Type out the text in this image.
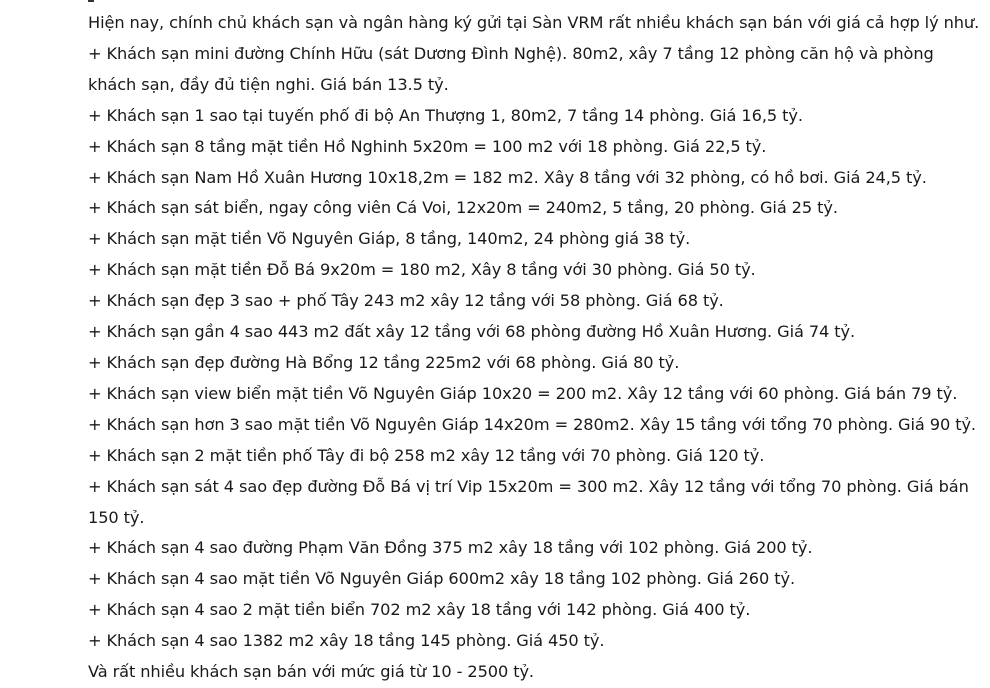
Hiện nay, chính chủ khách sạn và ngân hàng ký gửi tại Sàn VRM rất nhiều khách sạn bán với giá cả hợp lý như.

+ Khách sạn mini đường Chính Hữu (sát Dương Đình Nghệ). 80m2, xây 7 tầng 12 phòng căn hộ và phòng khách sạn, đầy đủ tiện nghi. Giá bán 13.5 tỷ.

+ Khách sạn 1 sao tại tuyến phố đi bộ An Thượng 1, 80m2, 7 tầng 14 phòng. Giá 16,5 tỷ.

+ Khách sạn 8 tầng mặt tiền Hồ Nghinh 5x20m = 100 m2 với 18 phòng. Giá 22,5 tỷ.

+ Khách sạn Nam Hồ Xuân Hương 10x18,2m = 182 m2. Xây 8 tầng với 32 phòng, có hồ bơi. Giá 24,5 tỷ.

+ Khách sạn sát biển, ngay công viên Cá Voi, 12x20m = 240m2, 5 tầng, 20 phòng. Giá 25 tỷ.

+ Khách sạn mặt tiền Võ Nguyên Giáp, 8 tầng, 140m2, 24 phòng giá 38 tỷ.

+ Khách sạn mặt tiền Đỗ Bá 9x20m = 180 m2, Xây 8 tầng với 30 phòng. Giá 50 tỷ.

+ Khách sạn đẹp 3 sao + phố Tây 243 m2 xây 12 tầng với 58 phòng. Giá 68 tỷ.

+ Khách sạn gần 4 sao 443 m2 đất xây 12 tầng với 68 phòng đường Hồ Xuân Hương. Giá 74 tỷ.

+ Khách sạn đẹp đường Hà Bổng 12 tầng 225m2 với 68 phòng. Giá 80 tỷ.

+ Khách sạn view biển mặt tiền Võ Nguyên Giáp 10x20 = 200 m2. Xây 12 tầng với 60 phòng. Giá bán 79 tỷ.

+ Khách sạn hơn 3 sao mặt tiền Võ Nguyên Giáp 14x20m = 280m2. Xây 15 tầng với tổng 70 phòng. Giá 90 tỷ.

+ Khách sạn 2 mặt tiền phố Tây đi bộ 258 m2 xây 12 tầng với 70 phòng. Giá 120 tỷ.

+ Khách sạn sát 4 sao đẹp đường Đỗ Bá vị trí Vip 15x20m = 300 m2. Xây 12 tầng với tổng 70 phòng. Giá bán 150 tỷ.

+ Khách sạn 4 sao đường Phạm Văn Đồng 375 m2 xây 18 tầng với 102 phòng. Giá 200 tỷ.

+ Khách sạn 4 sao mặt tiền Võ Nguyên Giáp 600m2 xây 18 tầng 102 phòng. Giá 260 tỷ.

+ Khách sạn 4 sao 2 mặt tiền biển 702 m2 xây 18 tầng với 142 phòng. Giá 400 tỷ.

+ Khách sạn 4 sao 1382 m2 xây 18 tầng 145 phòng. Giá 450 tỷ.

Và rất nhiều khách sạn bán với mức giá từ 10 - 2500 tỷ.
